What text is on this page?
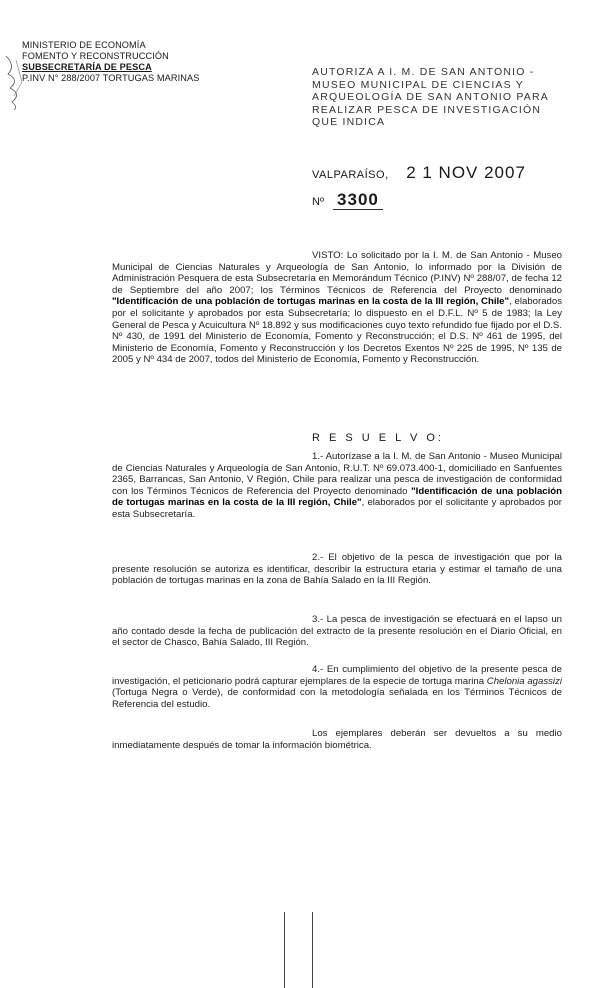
MINISTERIO DE ECONOMÍA
FOMENTO Y RECONSTRUCCIÓN
SUBSECRETARÍA DE PESCA
P.INV N° 288/2007 TORTUGAS MARINAS	AUTORIZA A I. M. DE SAN ANTONIO - MUSEO MUNICIPAL DE CIENCIAS Y ARQUEOLOGÍA DE SAN ANTONIO PARA REALIZAR PESCA DE INVESTIGACIÓN QUE INDICA
VALPARAÍSO, 2 1 NOV 2007
Nº 3300

VISTO: Lo solicitado por la I. M. de San Antonio - Museo Municipal de Ciencias Naturales y Arqueología de San Antonio, lo informado por la División de Administración Pesquera de esta Subsecretaría en Memorándum Técnico (P.INV) Nº 288/07, de fecha 12 de Septiembre del año 2007; los Términos Técnicos de Referencia del Proyecto denominado "Identificación de una población de tortugas marinas en la costa de la III región, Chile", elaborados por el solicitante y aprobados por esta Subsecretaría; lo dispuesto en el D.F.L. Nº 5 de 1983; la Ley General de Pesca y Acuicultura Nº 18.892 y sus modificaciones cuyo texto refundido fue fijado por el D.S. Nº 430, de 1991 del Ministerio de Economía, Fomento y Reconstrucción; el D.S. Nº 461 de 1995, del Ministerio de Economía, Fomento y Reconstrucción y los Decretos Exentos Nº 225 de 1995, Nº 135 de 2005 y Nº 434 de 2007, todos del Ministerio de Economía, Fomento y Reconstrucción.

R E S U E L V O:

1.- Autorízase a la I. M. de San Antonio - Museo Municipal de Ciencias Naturales y Arqueología de San Antonio, R.U.T. Nº 69.073.400-1, domiciliado en Sanfuentes 2365, Barrancas, San Antonio, V Región, Chile para realizar una pesca de investigación de conformidad con los Términos Técnicos de Referencia del Proyecto denominado "Identificación de una población de tortugas marinas en la costa de la III región, Chile", elaborados por el solicitante y aprobados por esta Subsecretaría.

2.- El objetivo de la pesca de investigación que por la presente resolución se autoriza es identificar, describir la estructura etaria y estimar el tamaño de una población de tortugas marinas en la zona de Bahía Salado en la III Región.

3.- La pesca de investigación se efectuará en el lapso un año contado desde la fecha de publicación del extracto de la presente resolución en el Diario Oficial, en el sector de Chasco, Bahía Salado, III Región.

4.- En cumplimiento del objetivo de la presente pesca de investigación, el peticionario podrá capturar ejemplares de la especie de tortuga marina Chelonia agassizi (Tortuga Negra o Verde), de conformidad con la metodología señalada en los Términos Técnicos de Referencia del estudio.

Los ejemplares deberán ser devueltos a su medio inmediatamente después de tomar la información biométrica.
